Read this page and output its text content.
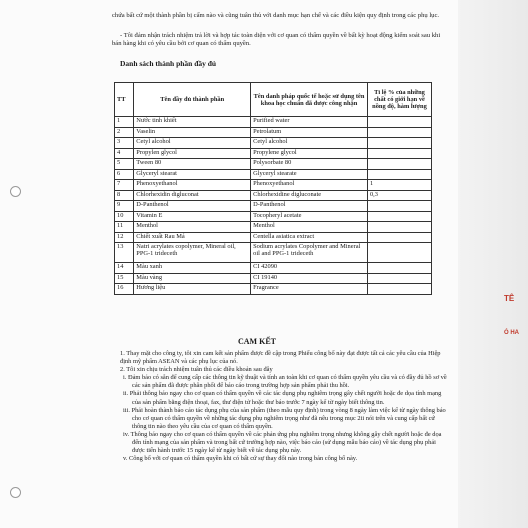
TÊ
Ó HA
chứa bất cứ một thành phần bị cấm nào và cũng tuân thủ với danh mục hạn chế và các điều kiện quy định trong các phụ lục.
- Tôi đảm nhận trách nhiệm trả lời và hợp tác toàn diện với cơ quan có thẩm quyền về bất kỳ hoạt động kiểm soát sau khi bán hàng khi có yêu cầu bởi cơ quan có thẩm quyền.
Danh sách thành phần đầy đủ
TT	Tên đầy đủ thành phần	Tên danh pháp quốc tế hoặc sử dụng tên khoa học chuẩn đã được công nhận	Tỉ lệ % của những chất có giới hạn về nồng độ, hàm lượng
1	Nước tinh khiết	Purified water	
2	Vaselin	Petrolatum	
3	Cetyl alcohol	Cetyl alcohol	
4	Propylen glycol	Propylene glycol	
5	Tween 80	Polysorbate 80	
6	Glyceryl stearat	Glyceryl stearate	
7	Phenoxyethanol	Phenoxyethanol	1
8	Chlorhexidin digluconat	Chlorhexidine digluconate	0,3
9	D-Panthenol	D-Panthenol	
10	Vitamin E	Tocopheryl acetate	
11	Menthol	Menthol	
12	Chiết xuất Rau Má	Centella asiatica extract	
13	Natri acrylates copolymer, Mineral oil, PPG-1 trideceth	Sodium acrylates Copolymer and Mineral oil and PPG-1 trideceth	
14	Màu xanh	CI 42090	
15	Màu vàng	CI 19140	
16	Hương liệu	Fragrance	
CAM KẾT

1. Thay mặt cho công ty, tôi xin cam kết sản phẩm được đề cập trong Phiếu công bố này đạt được tất cả các yêu cầu của Hiệp định mỹ phẩm ASEAN và các phụ lục của nó.

2. Tôi xin chịu trách nhiệm tuân thủ các điều khoản sau đây

i. Đảm bảo có sẵn để cung cấp các thông tin kỹ thuật và tính an toàn khi cơ quan có thẩm quyền yêu cầu và có đầy đủ hồ sơ về các sản phẩm đã được phân phối để báo cáo trong trường hợp sản phẩm phải thu hồi.

ii. Phải thông báo ngay cho cơ quan có thẩm quyền về các tác dụng phụ nghiêm trọng gây chết người hoặc đe dọa tính mạng của sản phẩm bằng điện thoại, fax, thư điện tử hoặc thư báo trước 7 ngày kể từ ngày biết thông tin.

iii. Phải hoàn thành báo cáo tác dụng phụ của sản phẩm (theo mẫu quy định) trong vòng 8 ngày làm việc kể từ ngày thông báo cho cơ quan có thẩm quyền về những tác dụng phụ nghiêm trọng như đã nêu trong mục 2ii nói trên và cung cấp bất cứ thông tin nào theo yêu cầu của cơ quan có thẩm quyền.

iv. Thông báo ngay cho cơ quan có thẩm quyền về các phản ứng phụ nghiêm trọng nhưng không gây chết người hoặc đe dọa đến tính mạng của sản phẩm và trong bất cứ trường hợp nào, việc báo cáo (sử dụng mẫu báo cáo) về tác dụng phụ phải được tiến hành trước 15 ngày kể từ ngày biết về tác dụng phụ này.

v. Công bố với cơ quan có thẩm quyền khi có bất cứ sự thay đổi nào trong bản công bố này.
